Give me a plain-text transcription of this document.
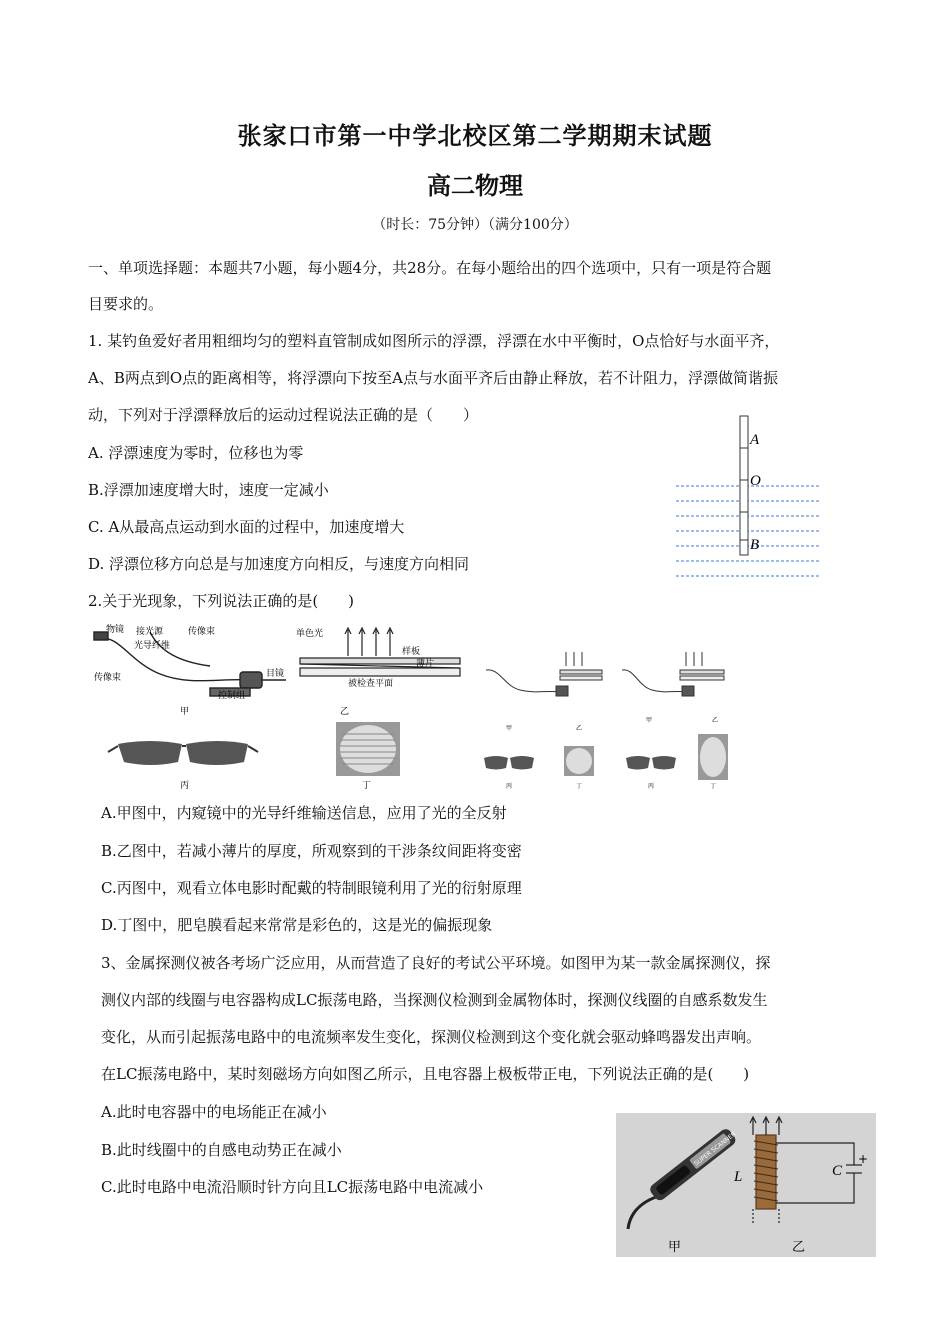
张家口市第一中学北校区第二学期期末试题
高二物理
（时长：75分钟）（满分100分）
一、单项选择题：本题共7小题，每小题4分，共28分。在每小题给出的四个选项中，只有一项是符合题
目要求的。
1. 某钓鱼爱好者用粗细均匀的塑料直管制成如图所示的浮漂，浮漂在水中平衡时，O点恰好与水面平齐，
A、B两点到O点的距离相等，将浮漂向下按至A点与水面平齐后由静止释放，若不计阻力，浮漂做简谐振
动，下列对于浮漂释放后的运动过程说法正确的是（　　）
A. 浮漂速度为零时，位移也为零
B.浮漂加速度增大时，速度一定减小
C. A从最高点运动到水面的过程中，加速度增大
D. 浮漂位移方向总是与加速度方向相反，与速度方向相同
A
O
B
2.关于光现象，下列说法正确的是(　　)
物镜 接光源	传像束
光导纤维
传像束	目镜
控制组
甲
单色光
样板
薄片
被检查平面
乙
丙	丁
甲	乙
甲	乙
丙	丁	丙	丁
A.甲图中，内窥镜中的光导纤维输送信息，应用了光的全反射
B.乙图中，若减小薄片的厚度，所观察到的干涉条纹间距将变密
C.丙图中，观看立体电影时配戴的特制眼镜利用了光的衍射原理
D.丁图中，肥皂膜看起来常常是彩色的，这是光的偏振现象
3、金属探测仪被各考场广泛应用，从而营造了良好的考试公平环境。如图甲为某一款金属探测仪，探
测仪内部的线圈与电容器构成LC振荡电路，当探测仪检测到金属物体时，探测仪线圈的自感系数发生
变化，从而引起振荡电路中的电流频率发生变化，探测仪检测到这个变化就会驱动蜂鸣器发出声响。
在LC振荡电路中，某时刻磁场方向如图乙所示，且电容器上极板带正电，下列说法正确的是(　　)
A.此时电容器中的电场能正在减小
B.此时线圈中的自感电动势正在减小
C.此时电路中电流沿顺时针方向且LC振荡电路中电流减小
SUPER SCANNER
甲
L	C
+
乙
